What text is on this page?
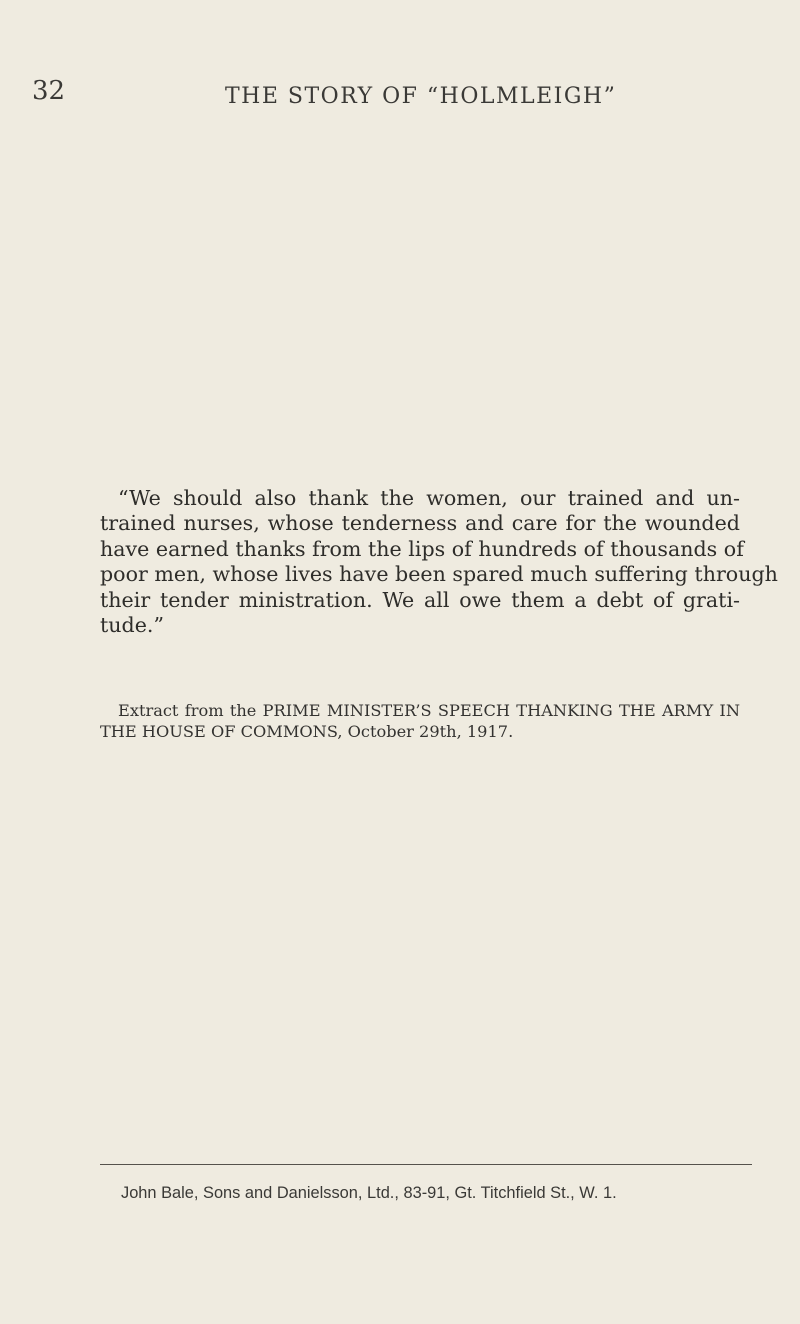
32	THE STORY OF “HOLMLEIGH”
“We should also thank the women, our trained and un-
trained nurses, whose tenderness and care for the wounded
have earned thanks from the lips of hundreds of thousands of
poor men, whose lives have been spared much suffering through
their tender ministration. We all owe them a debt of grati-
tude.”
Extract from the PRIME MINISTER’S SPEECH THANKING THE ARMY IN
THE HOUSE OF COMMONS, October 29th, 1917.
John Bale, Sons and Danielsson, Ltd., 83-91, Gt. Titchfield St., W. 1.
